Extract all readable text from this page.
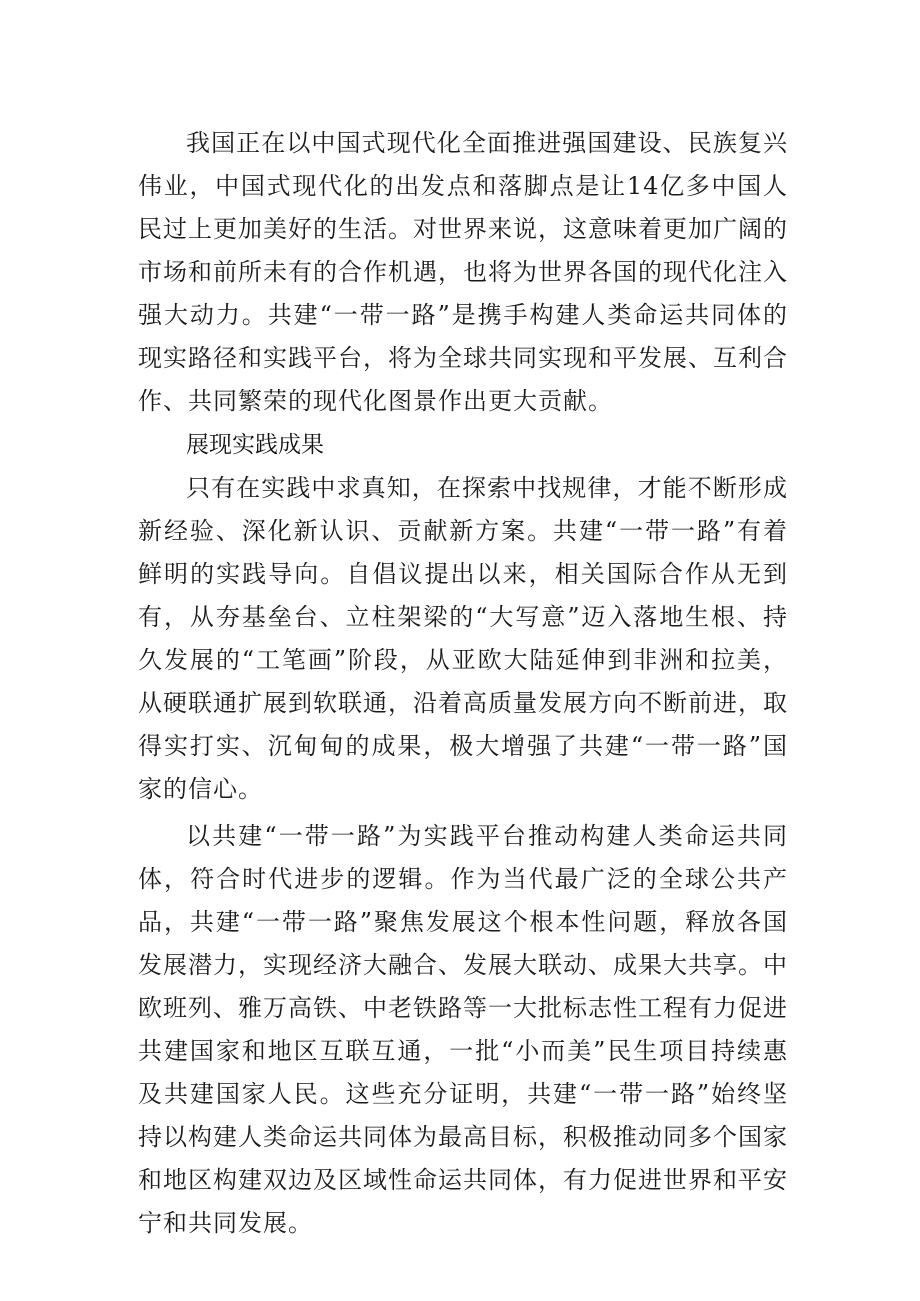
我国正在以中国式现代化全面推进强国建设、民族复兴伟业，中国式现代化的出发点和落脚点是让14亿多中国人民过上更加美好的生活。对世界来说，这意味着更加广阔的市场和前所未有的合作机遇，也将为世界各国的现代化注入强大动力。共建“一带一路”是携手构建人类命运共同体的现实路径和实践平台，将为全球共同实现和平发展、互利合作、共同繁荣的现代化图景作出更大贡献。

展现实践成果

只有在实践中求真知，在探索中找规律，才能不断形成新经验、深化新认识、贡献新方案。共建“一带一路”有着鲜明的实践导向。自倡议提出以来，相关国际合作从无到有，从夯基垒台、立柱架梁的“大写意”迈入落地生根、持久发展的“工笔画”阶段，从亚欧大陆延伸到非洲和拉美，从硬联通扩展到软联通，沿着高质量发展方向不断前进，取得实打实、沉甸甸的成果，极大增强了共建“一带一路”国家的信心。

以共建“一带一路”为实践平台推动构建人类命运共同体，符合时代进步的逻辑。作为当代最广泛的全球公共产品，共建“一带一路”聚焦发展这个根本性问题，释放各国发展潜力，实现经济大融合、发展大联动、成果大共享。中欧班列、雅万高铁、中老铁路等一大批标志性工程有力促进共建国家和地区互联互通，一批“小而美”民生项目持续惠及共建国家人民。这些充分证明，共建“一带一路”始终坚持以构建人类命运共同体为最高目标，积极推动同多个国家和地区构建双边及区域性命运共同体，有力促进世界和平安宁和共同发展。
